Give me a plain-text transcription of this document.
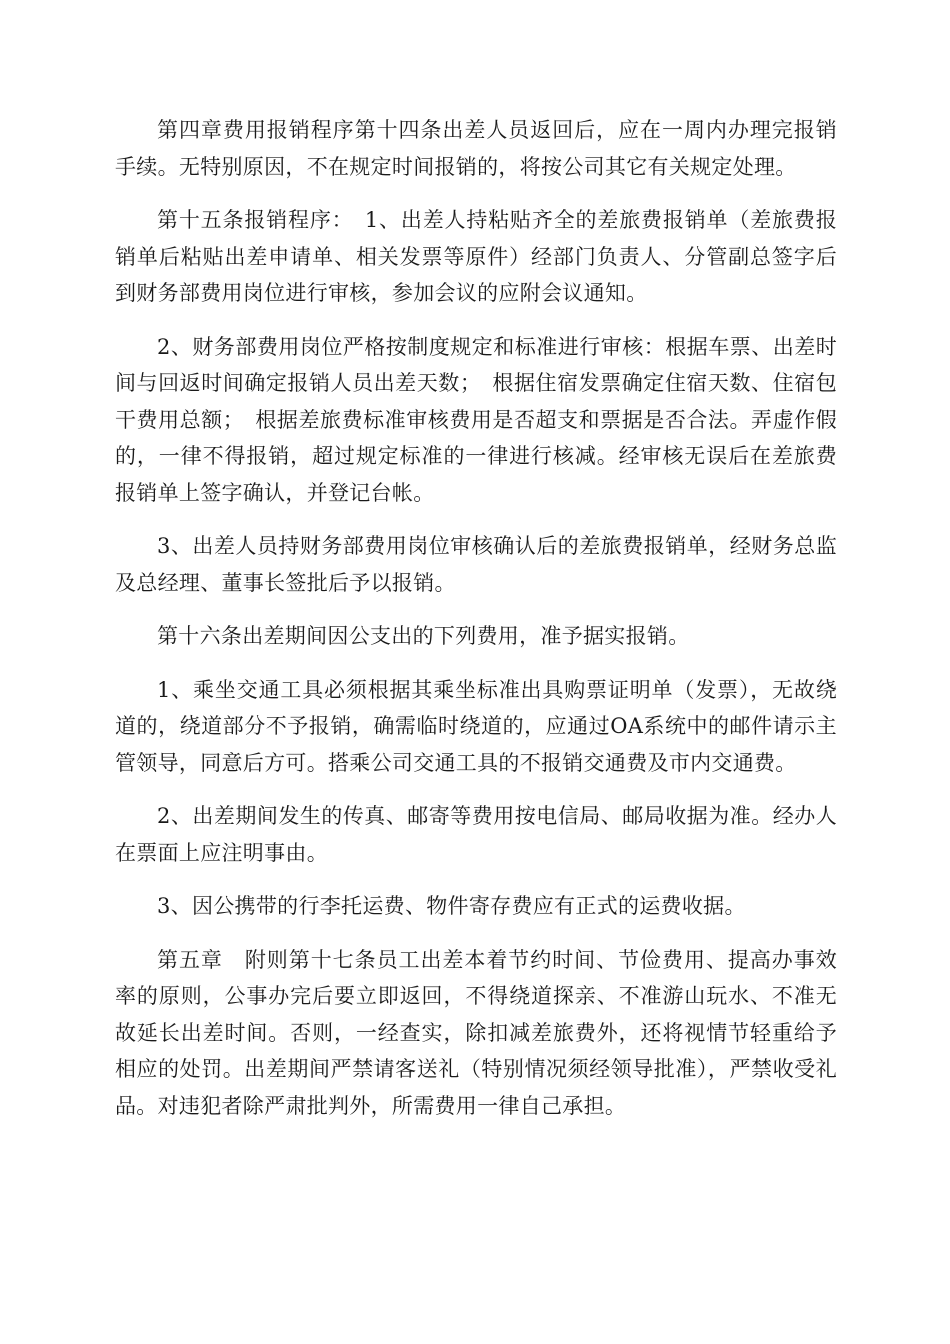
第四章费用报销程序第十四条出差人员返回后，应在一周内办理完报销手续。无特别原因，不在规定时间报销的，将按公司其它有关规定处理。

第十五条报销程序：　1、出差人持粘贴齐全的差旅费报销单（差旅费报销单后粘贴出差申请单、相关发票等原件）经部门负责人、分管副总签字后到财务部费用岗位进行审核，参加会议的应附会议通知。

2、财务部费用岗位严格按制度规定和标准进行审核：根据车票、出差时间与回返时间确定报销人员出差天数；　根据住宿发票确定住宿天数、住宿包干费用总额；　根据差旅费标准审核费用是否超支和票据是否合法。弄虚作假的，一律不得报销，超过规定标准的一律进行核减。经审核无误后在差旅费报销单上签字确认，并登记台帐。

3、出差人员持财务部费用岗位审核确认后的差旅费报销单，经财务总监及总经理、董事长签批后予以报销。

第十六条出差期间因公支出的下列费用，准予据实报销。

1、乘坐交通工具必须根据其乘坐标准出具购票证明单（发票），无故绕道的，绕道部分不予报销，确需临时绕道的，应通过OA系统中的邮件请示主管领导，同意后方可。搭乘公司交通工具的不报销交通费及市内交通费。

2、出差期间发生的传真、邮寄等费用按电信局、邮局收据为准。经办人在票面上应注明事由。

3、因公携带的行李托运费、物件寄存费应有正式的运费收据。

第五章　附则第十七条员工出差本着节约时间、节俭费用、提高办事效率的原则，公事办完后要立即返回，不得绕道探亲、不准游山玩水、不准无故延长出差时间。否则，一经查实，除扣减差旅费外，还将视情节轻重给予相应的处罚。出差期间严禁请客送礼（特别情况须经领导批准），严禁收受礼品。对违犯者除严肃批判外，所需费用一律自己承担。
